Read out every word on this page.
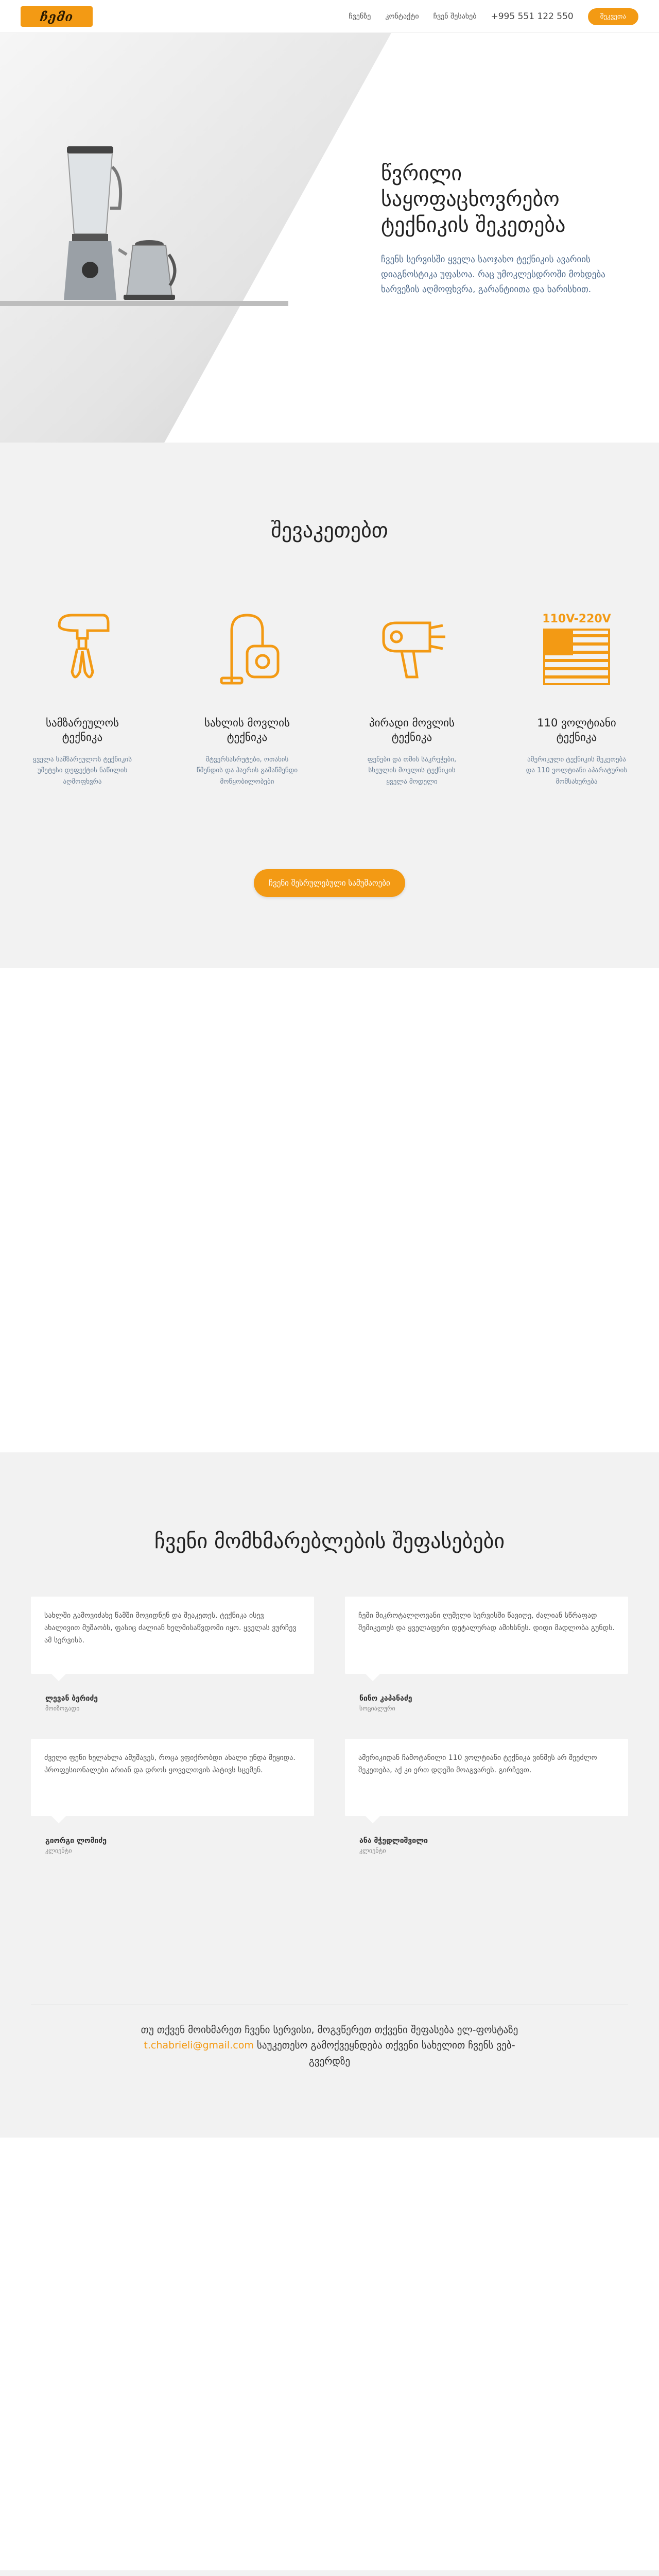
ჩემი	ჩვენზე კონტაქტი ჩვენ შესახებ +995 551 122 550	შეკვეთა
წვრილი საყოფაცხოვრებო ტექნიკის შეკეთება

ჩვენს სერვისში ყველა საოჯახო ტექნიკის ავარიის დიაგნოსტიკა უფასოა. რაც უმოკლესდროში მოხდება ხარვეზის აღმოფხვრა, გარანტიითა და ხარისხით.

შევაკეთებთ
სამზარეულოს ტექნიკა
ყველა სამზარეულოს ტექნიკის უმეტესი დეფექტის ნაწილის აღმოფხვრა
სახლის მოვლის ტექნიკა
მტვერსასრუტები, ოთახის წმენდის და ჰაერის გამაწმენდი მოწყობილობები
პირადი მოვლის ტექნიკა
ფენები და თმის საკრეჭები, სხეულის მოვლის ტექნიკის ყველა მოდელი
110V-220V
110 ვოლტიანი ტექნიკა
ამერიკული ტექნიკის შეკეთება და 110 ვოლტიანი აპარატურის მომსახურება
ჩვენი შესრულებული სამუშაოები
ჩვენი მომხმარებლების შეფასებები
სახლში გამოვიძახე წამში მოვიდნენ და შეაკეთეს. ტექნიკა ისევ ახალივით მუშაობს, ფასიც ძალიან ხელმისაწვდომი იყო. ყველას ვურჩევ ამ სერვისს.
ლევან ბერიძე
მოიზოგადი
ჩემი მიკროტალღოვანი ღუმელი სერვისში წავიღე, ძალიან სწრაფად შემიკეთეს და ყველაფერი დეტალურად ამიხსნეს. დიდი მადლობა გუნდს.
ნინო კაპანაძე
სოციალური
ძველი ფენი ხელახლა ამუშავეს, როცა ვფიქრობდი ახალი უნდა მეყიდა. პროფესიონალები არიან და დროს ყოველთვის პატივს სცემენ.
გიორგი ლომიძე
კლიენტი
ამერიკიდან ჩამოტანილი 110 ვოლტიანი ტექნიკა ვინმეს არ შეეძლო შეკეთება, აქ კი ერთ დღეში მოაგვარეს. გირჩევთ.
ანა მჭედლიშვილი
კლიენტი
თუ თქვენ მოიხმარეთ ჩვენი სერვისი, მოგვწერეთ თქვენი შეფასება ელ-ფოსტაზე t.chabrieli@gmail.com საუკეთესო გამოქვეყნდება თქვენი სახელით ჩვენს ვებ-გვერდზე
